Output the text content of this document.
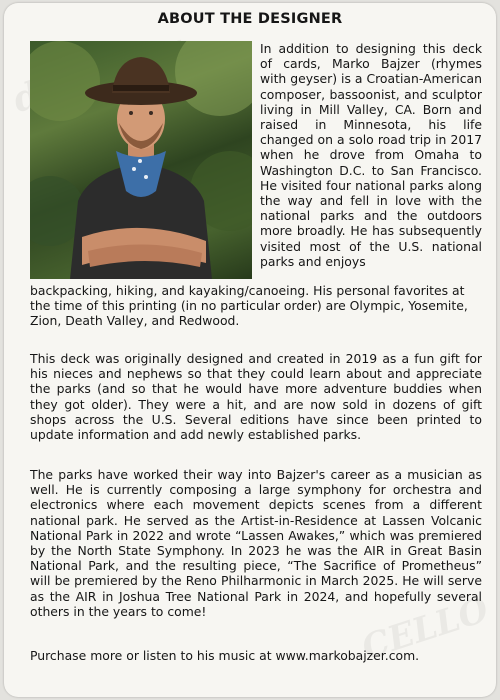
CELLO
ABOUT THE DESIGNER
In addition to designing this deck of cards, Marko Bajzer (rhymes with geyser) is a Croatian-American composer, bassoonist, and sculptor living in Mill Valley, CA. Born and raised in Minnesota, his life changed on a solo road trip in 2017 when he drove from Omaha to Washington D.C. to San Francisco. He visited four national parks along the way and fell in love with the national parks and the outdoors more broadly. He has subsequently visited most of the U.S. national parks and enjoys
backpacking, hiking, and kayaking/canoeing. His personal favorites at the time of this printing (in no particular order) are Olympic, Yosemite, Zion, Death Valley, and Redwood.
This deck was originally designed and created in 2019 as a fun gift for his nieces and nephews so that they could learn about and appreciate the parks (and so that he would have more adventure buddies when they got older). They were a hit, and are now sold in dozens of gift shops across the U.S. Several editions have since been printed to update information and add newly established parks.
The parks have worked their way into Bajzer's career as a musician as well. He is currently composing a large symphony for orchestra and electronics where each movement depicts scenes from a different national park. He served as the Artist-in-Residence at Lassen Volcanic National Park in 2022 and wrote “Lassen Awakes,” which was premiered by the North State Symphony. In 2023 he was the AIR in Great Basin National Park, and the resulting piece, “The Sacrifice of Prometheus” will be premiered by the Reno Philharmonic in March 2025. He will serve as the AIR in Joshua Tree National Park in 2024, and hopefully several others in the years to come!
Purchase more or listen to his music at www.markobajzer.com.
